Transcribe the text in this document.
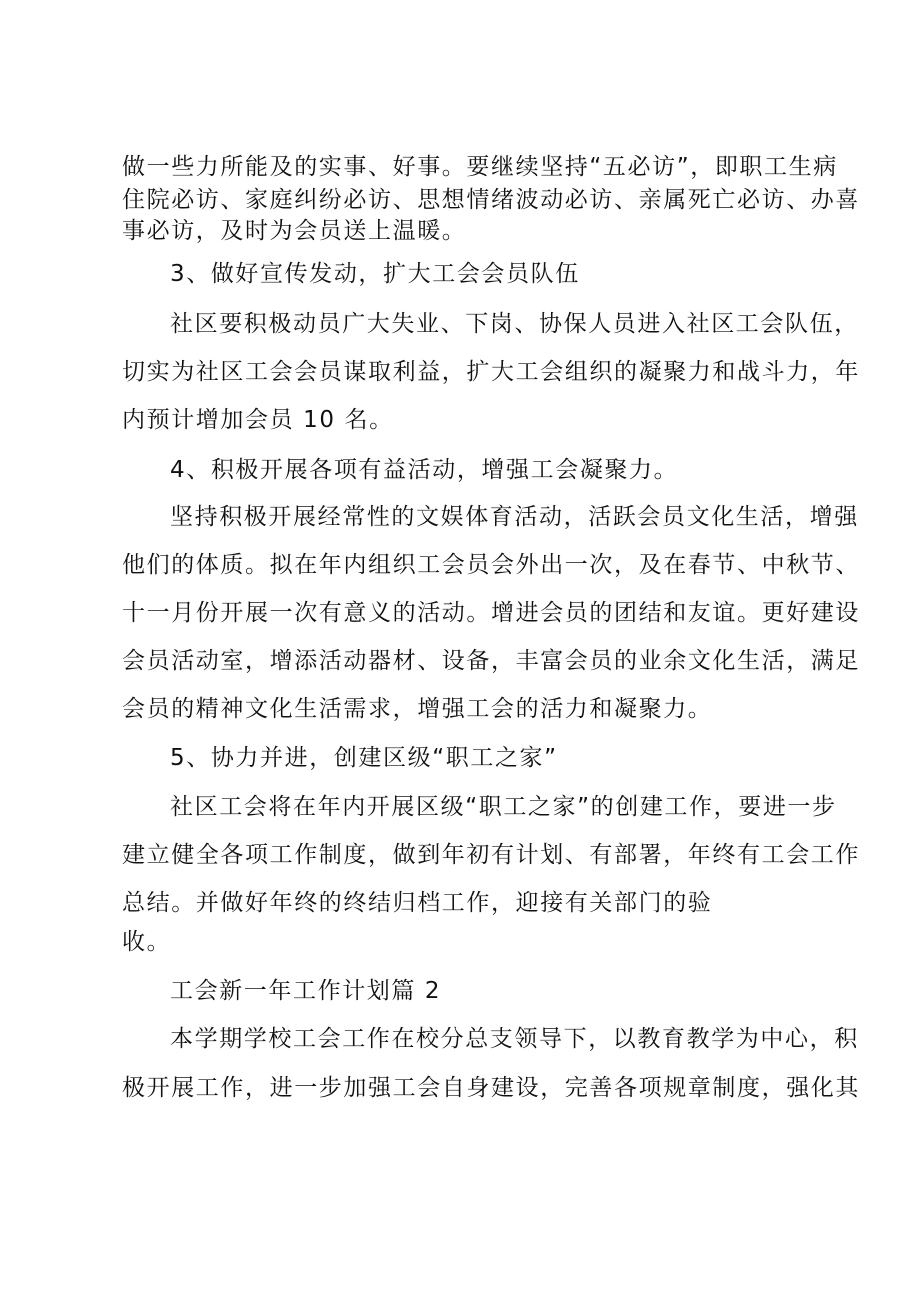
做一些力所能及的实事、好事。要继续坚持“五必访”，即职工生病
住院必访、家庭纠纷必访、思想情绪波动必访、亲属死亡必访、办喜
事必访，及时为会员送上温暖。
3、做好宣传发动，扩大工会会员队伍
社区要积极动员广大失业、下岗、协保人员进入社区工会队伍，
切实为社区工会会员谋取利益，扩大工会组织的凝聚力和战斗力，年
内预计增加会员 10 名。
4、积极开展各项有益活动，增强工会凝聚力。
坚持积极开展经常性的文娱体育活动，活跃会员文化生活，增强
他们的体质。拟在年内组织工会员会外出一次，及在春节、中秋节、
十一月份开展一次有意义的活动。增进会员的团结和友谊。更好建设
会员活动室，增添活动器材、设备，丰富会员的业余文化生活，满足
会员的精神文化生活需求，增强工会的活力和凝聚力。
5、协力并进，创建区级“职工之家”
社区工会将在年内开展区级“职工之家”的创建工作，要进一步
建立健全各项工作制度，做到年初有计划、有部署，年终有工会工作
总结。并做好年终的终结归档工作，迎接有关部门的验
收。
工会新一年工作计划篇 2
本学期学校工会工作在校分总支领导下，以教育教学为中心，积
极开展工作，进一步加强工会自身建设，完善各项规章制度，强化其
